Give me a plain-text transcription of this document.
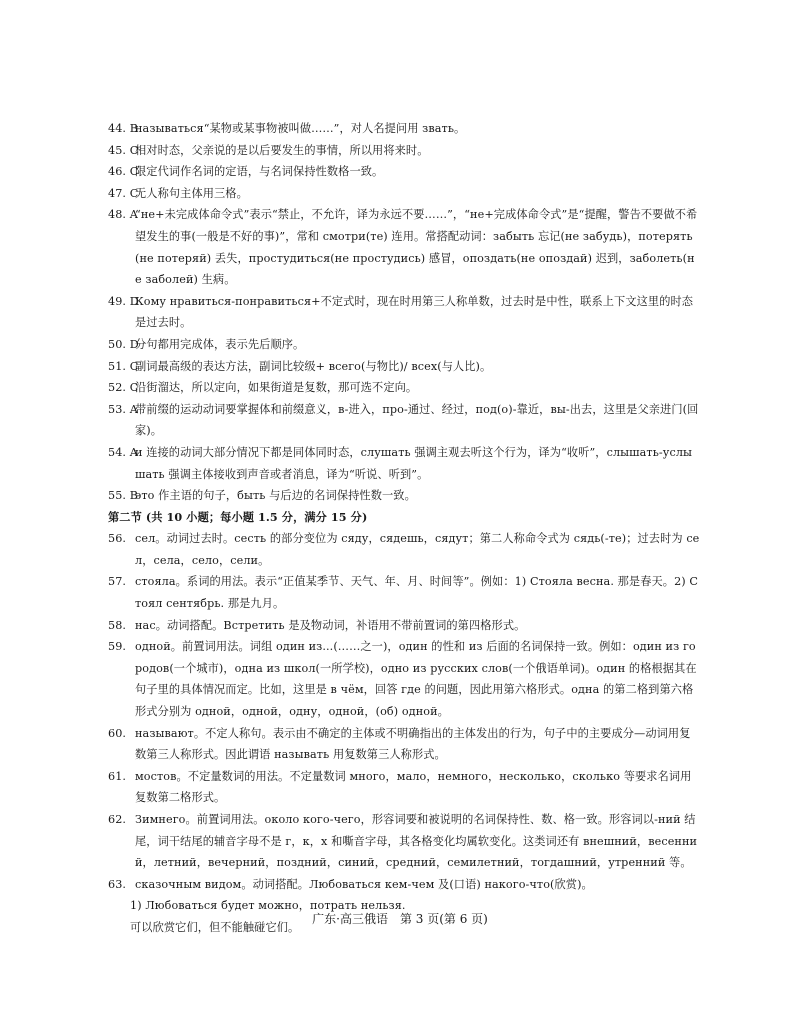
44. B
называться“某物或某事物被叫做……”，对人名提问用 звать。

45. C
相对时态，父亲说的是以后要发生的事情，所以用将来时。

46. C
限定代词作名词的定语，与名词保持性数格一致。

47. C
无人称句主体用三格。

48. A
“не+未完成体命令式”表示“禁止，不允许，译为永远不要……”，“не+完成体命令式”是“提醒，警告不要做不希望发生的事(一般是不好的事)”，常和 смотри(те) 连用。常搭配动词：забыть 忘记(не забудь)，потерять(не потеряй) 丢失，простудиться(не простудись) 感冒，опоздать(не опоздай) 迟到，заболеть(не заболей) 生病。

49. D
Кому нравиться-понравиться+不定式时，现在时用第三人称单数，过去时是中性，联系上下文这里的时态是过去时。

50. D
分句都用完成体，表示先后顺序。

51. C
副词最高级的表达方法，副词比较级+ всего(与物比)/ всех(与人比)。

52. C
沿街溜达，所以定向，如果街道是复数，那可选不定向。

53. A
带前缀的运动动词要掌握体和前缀意义，в-进入，про-通过、经过，под(о)-靠近，вы-出去，这里是父亲进门(回家)。

54. A
и 连接的动词大部分情况下都是同体同时态，слушать 强调主观去听这个行为，译为“收听”，слышать-услышать 强调主体接收到声音或者消息，译为“听说、听到”。

55. B
это 作主语的句子，быть 与后边的名词保持性数一致。

第二节 (共 10 小题；每小题 1.5 分，满分 15 分)

56. сел。动词过去时。сесть 的部分变位为 сяду，сядешь，сядут；第二人称命令式为 сядь(-те)；过去时为 сел，села，село，сели。

57. стояла。系词的用法。表示“正值某季节、天气、年、月、时间等”。例如：1) Стояла весна. 那是春天。2) Стоял сентябрь. 那是九月。

58. нас。动词搭配。Встретить 是及物动词，补语用不带前置词的第四格形式。

59. одной。前置词用法。词组 один из...(……之一)，один 的性和 из 后面的名词保持一致。例如：один из городов(一个城市)，одна из школ(一所学校)，одно из русских слов(一个俄语单词)。один 的格根据其在句子里的具体情况而定。比如，这里是 в чём，回答 где 的问题，因此用第六格形式。одна 的第二格到第六格形式分别为 одной，одной，одну，одной，(об) одной。

60. называют。不定人称句。表示由不确定的主体或不明确指出的主体发出的行为，句子中的主要成分—动词用复数第三人称形式。因此谓语 называть 用复数第三人称形式。

61. мостов。不定量数词的用法。不定量数词 много，мало，немного，несколько，сколько 等要求名词用复数第二格形式。

62. Зимнего。前置词用法。около кого-чего，形容词要和被说明的名词保持性、数、格一致。形容词以-ний 结尾，词干结尾的辅音字母不是 г，к，х 和嘶音字母，其各格变化均属软变化。这类词还有 внешний，весенний，летний，вечерний，поздний，синий，средний，семилетний，тогдашний，утренний 等。

63. сказочным видом。动词搭配。Любоваться кем-чем 及(口语) накого-что(欣赏)。

1) Любоваться будет можно，потрать нельзя.

可以欣赏它们，但不能触碰它们。

广东·高三俄语　第 3 页(第 6 页)
